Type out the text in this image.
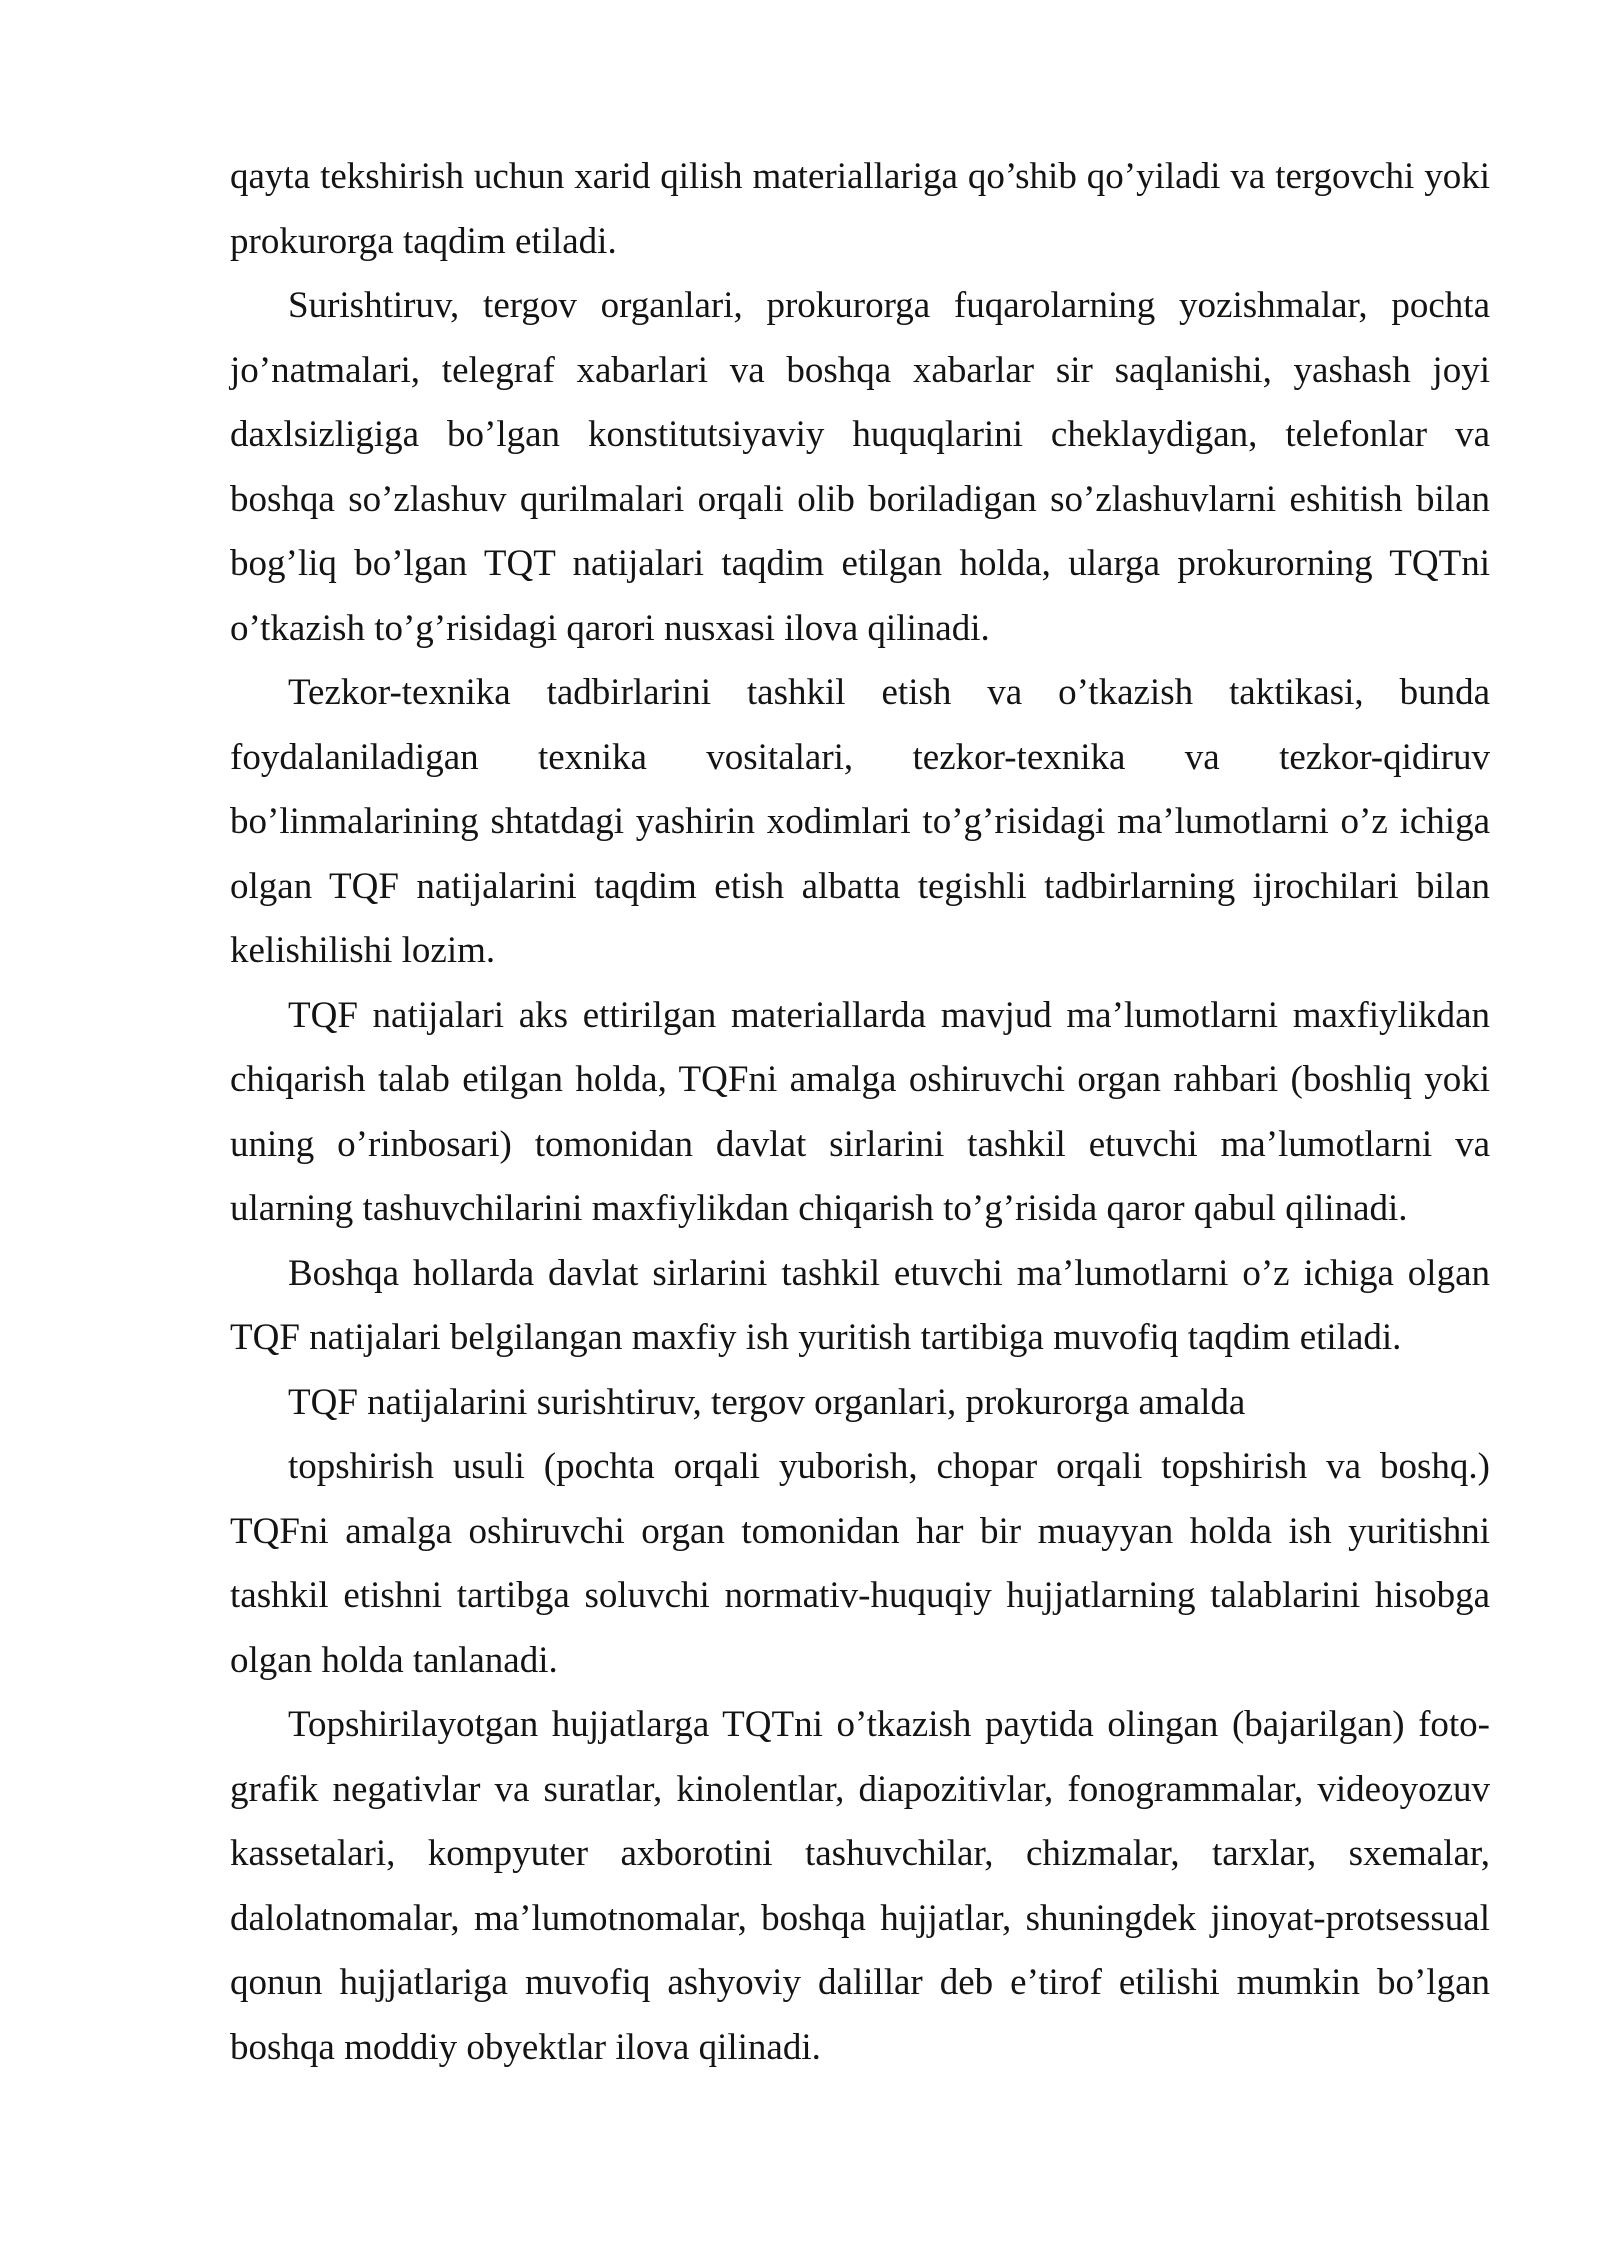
qayta tekshirish uchun xarid qilish materiallariga qo’shib qo’yiladi va tergovchi yoki prokurorga taqdim etiladi.

Surishtiruv, tergov organlari, prokurorga fuqarolarning yozishmalar, pochta jo’natmalari, telegraf xabarlari va boshqa xabarlar sir saqlanishi, yashash joyi daxlsizligiga bo’lgan konstitutsiyaviy huquqlarini cheklaydigan, telefonlar va boshqa so’zlashuv qurilmalari orqali olib boriladigan so’zlashuvlarni eshitish bilan bog’liq bo’lgan TQT natijalari taqdim etilgan holda, ularga prokurorning TQTni o’tkazish to’g’risidagi qarori nusxasi ilova qilinadi.

Tezkor-texnika tadbirlarini tashkil etish va o’tkazish taktikasi, bunda foydalaniladigan texnika vositalari, tezkor-texnika va tezkor-qidiruv bo’linmalarining shtatdagi yashirin xodimlari to’g’risidagi ma’lumotlarni o’z ichiga olgan TQF natijalarini taqdim etish albatta tegishli tadbirlarning ijrochilari bilan kelishilishi lozim.

TQF natijalari aks ettirilgan materiallarda mavjud ma’lumotlarni maxfiylikdan chiqarish talab etilgan holda, TQFni amalga oshiruvchi organ rahbari (boshliq yoki uning o’rinbosari) tomonidan davlat sirlarini tashkil etuvchi ma’lumotlarni va ularning tashuvchilarini maxfiylikdan chiqarish to’g’risida qaror qabul qilinadi.

Boshqa hollarda davlat sirlarini tashkil etuvchi ma’lumotlarni o’z ichiga olgan TQF natijalari belgilangan maxfiy ish yuritish tartibiga muvofiq taqdim etiladi.

TQF natijalarini surishtiruv, tergov organlari, prokurorga amalda

topshirish usuli (pochta orqali yuborish, chopar orqali topshirish va boshq.) TQFni amalga oshiruvchi organ tomonidan har bir muayyan holda ish yuritishni tashkil etishni tartibga soluvchi normativ-huquqiy hujjatlarning talablarini hisobga olgan holda tanlanadi.

Topshirilayotgan hujjatlarga TQTni o’tkazish paytida olingan (bajarilgan) foto-grafik negativlar va suratlar, kinolentlar, diapozitivlar, fonogrammalar, videoyozuv kassetalari, kompyuter axborotini tashuvchilar, chizmalar, tarxlar, sxemalar, dalolatnomalar, ma’lumotnomalar, boshqa hujjatlar, shuningdek jinoyat-protsessual qonun hujjatlariga muvofiq ashyoviy dalillar deb e’tirof etilishi mumkin bo’lgan boshqa moddiy obyektlar ilova qilinadi.
